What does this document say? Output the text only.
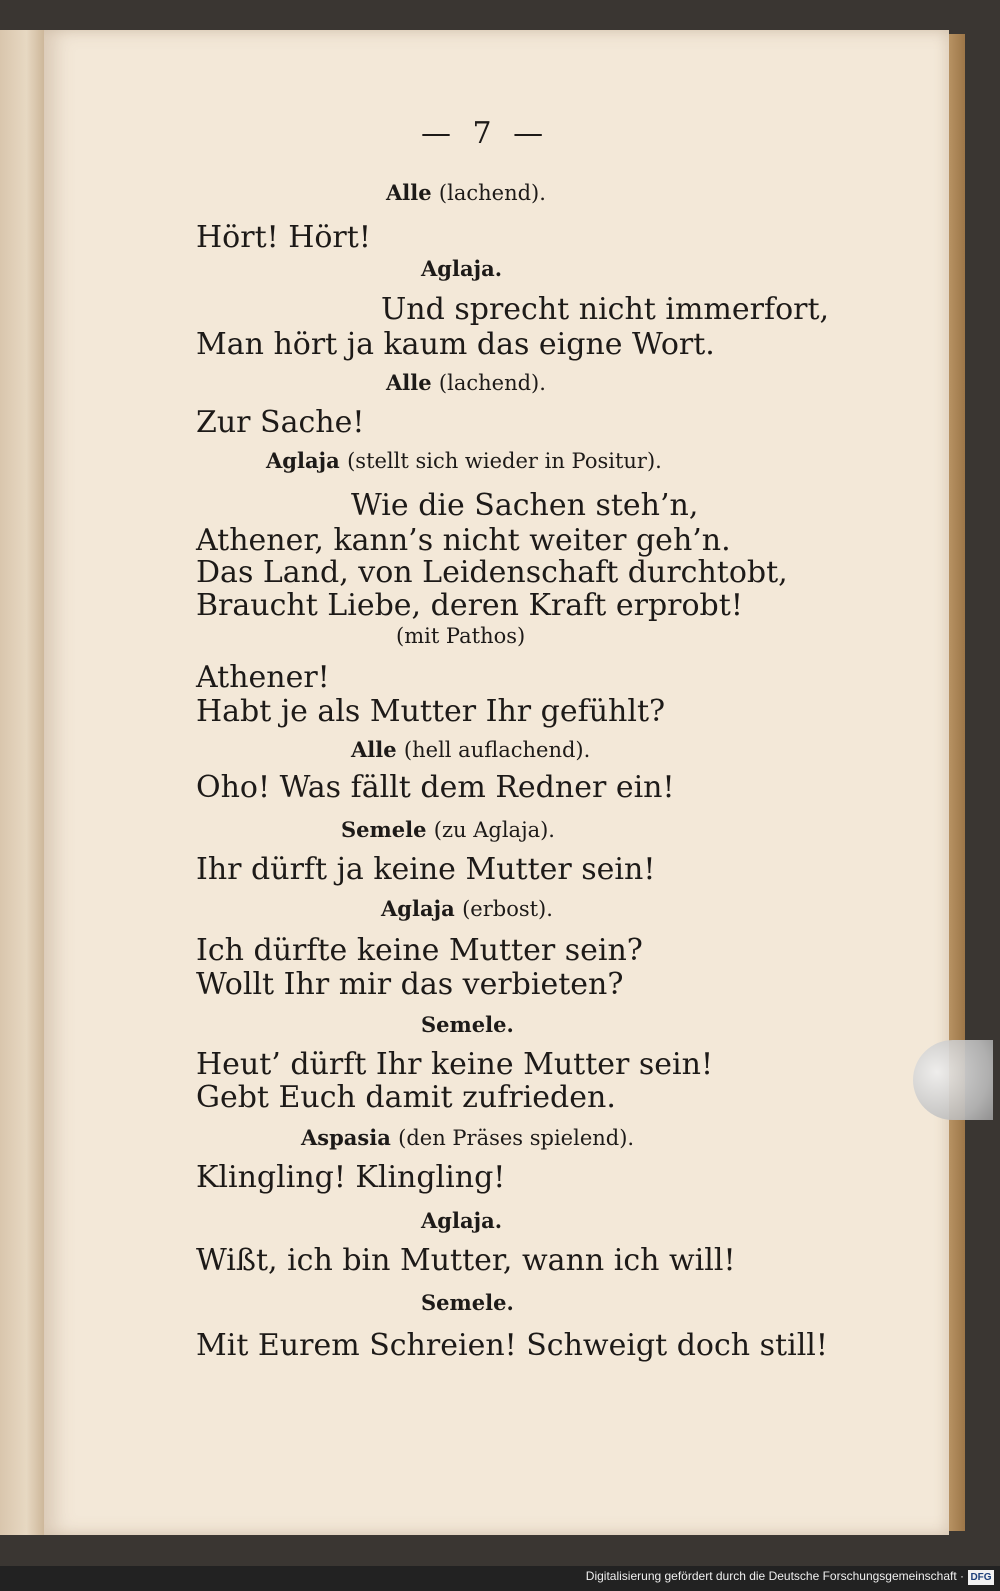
— 7 —
Alle (lachend).
Hört! Hört!
Aglaja.
Und sprecht nicht immerfort,
Man hört ja kaum das eigne Wort.
Alle (lachend).
Zur Sache!
Aglaja (stellt sich wieder in Positur).
Wie die Sachen steh’n,
Athener, kann’s nicht weiter geh’n.
Das Land, von Leidenschaft durchtobt,
Braucht Liebe, deren Kraft erprobt!
(mit Pathos)
Athener!
Habt je als Mutter Ihr gefühlt?
Alle (hell auflachend).
Oho! Was fällt dem Redner ein!
Semele (zu Aglaja).
Ihr dürft ja keine Mutter sein!
Aglaja (erbost).
Ich dürfte keine Mutter sein?
Wollt Ihr mir das verbieten?
Semele.
Heut’ dürft Ihr keine Mutter sein!
Gebt Euch damit zufrieden.
Aspasia (den Präses spielend).
Klingling! Klingling!
Aglaja.
Wißt, ich bin Mutter, wann ich will!
Semele.
Mit Eurem Schreien! Schweigt doch still!
Digitalisierung gefördert durch die Deutsche Forschungsgemeinschaft · DFG
